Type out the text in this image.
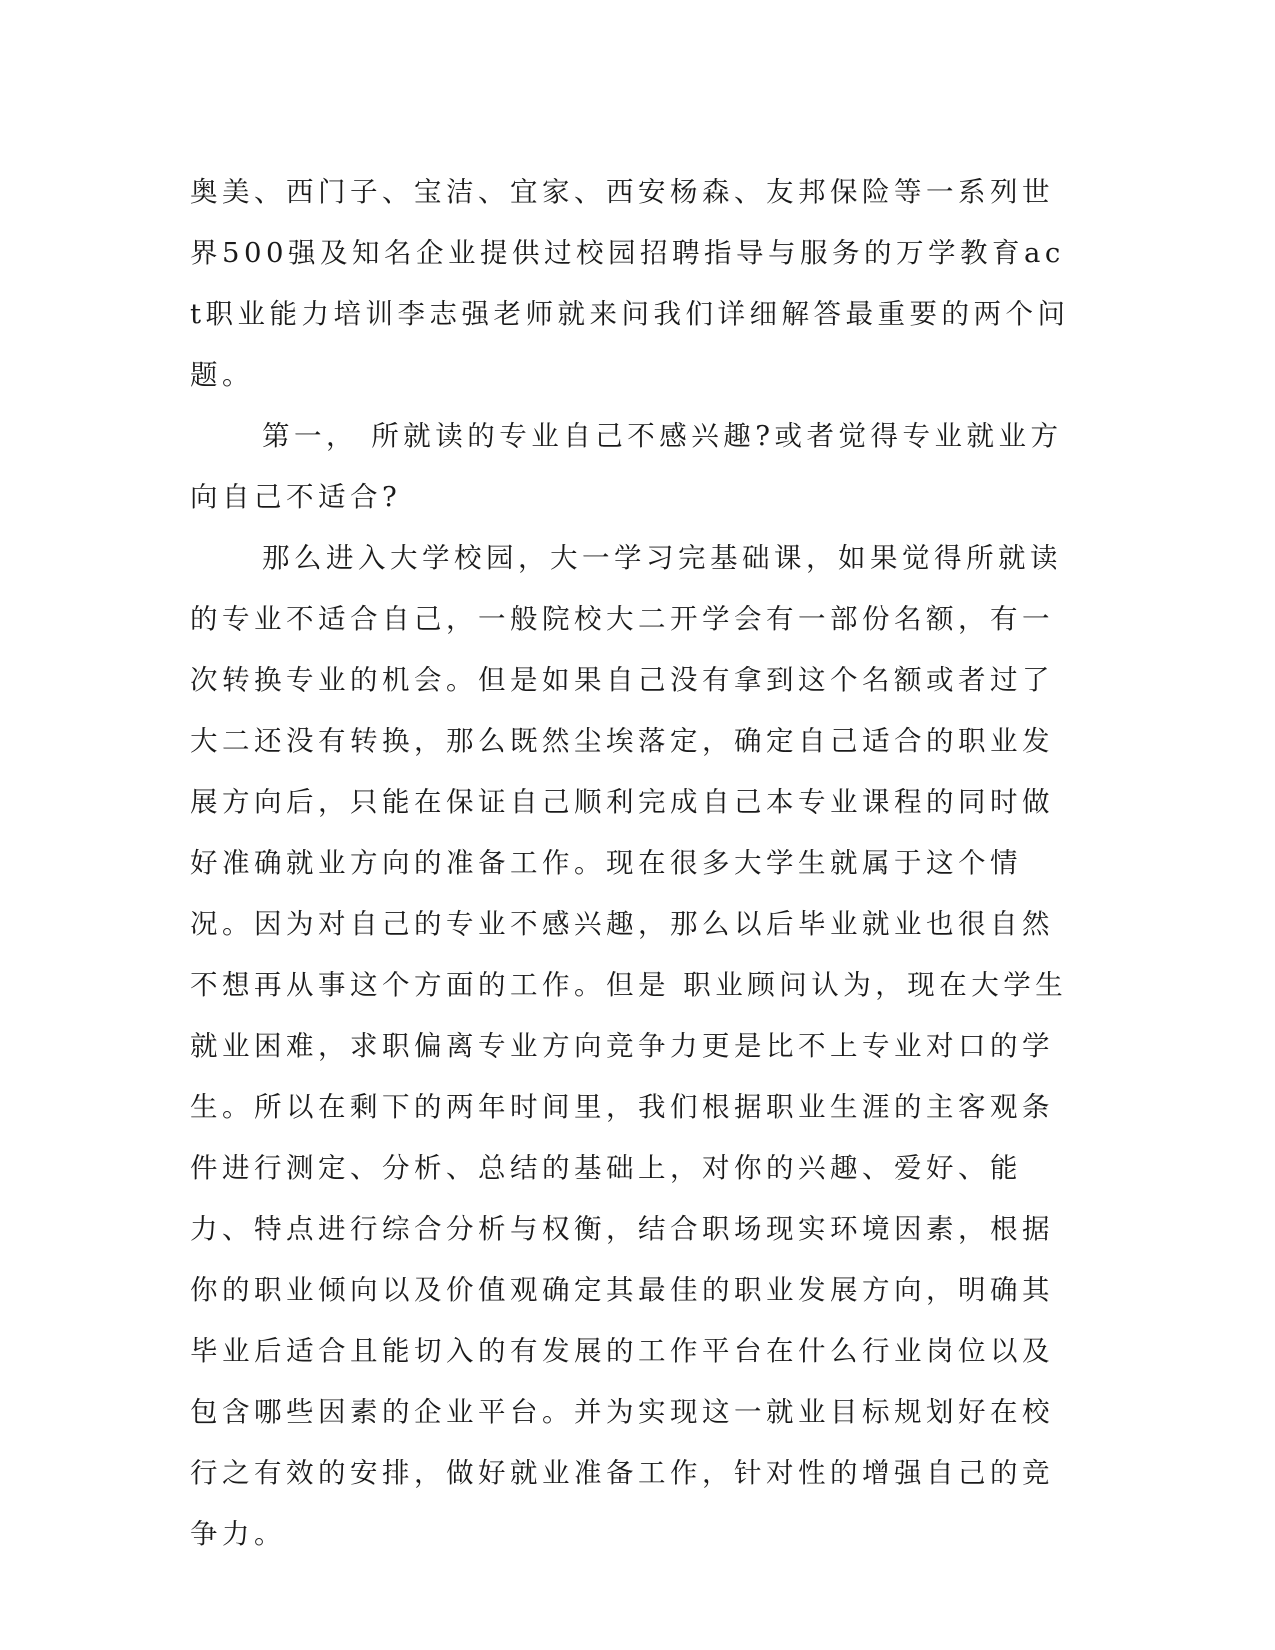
奥美、西门子、宝洁、宜家、西安杨森、友邦保险等一系列世界500强及知名企业提供过校园招聘指导与服务的万学教育act职业能力培训李志强老师就来问我们详细解答最重要的两个问题。

第一， 所就读的专业自己不感兴趣?或者觉得专业就业方向自己不适合?

那么进入大学校园，大一学习完基础课，如果觉得所就读的专业不适合自己，一般院校大二开学会有一部份名额，有一次转换专业的机会。但是如果自己没有拿到这个名额或者过了大二还没有转换，那么既然尘埃落定，确定自己适合的职业发展方向后，只能在保证自己顺利完成自己本专业课程的同时做好准确就业方向的准备工作。现在很多大学生就属于这个情况。因为对自己的专业不感兴趣，那么以后毕业就业也很自然不想再从事这个方面的工作。但是 职业顾问认为，现在大学生就业困难，求职偏离专业方向竞争力更是比不上专业对口的学生。所以在剩下的两年时间里，我们根据职业生涯的主客观条件进行测定、分析、总结的基础上，对你的兴趣、爱好、能力、特点进行综合分析与权衡，结合职场现实环境因素，根据你的职业倾向以及价值观确定其最佳的职业发展方向，明确其毕业后适合且能切入的有发展的工作平台在什么行业岗位以及包含哪些因素的企业平台。并为实现这一就业目标规划好在校行之有效的安排，做好就业准备工作，针对性的增强自己的竞争力。
